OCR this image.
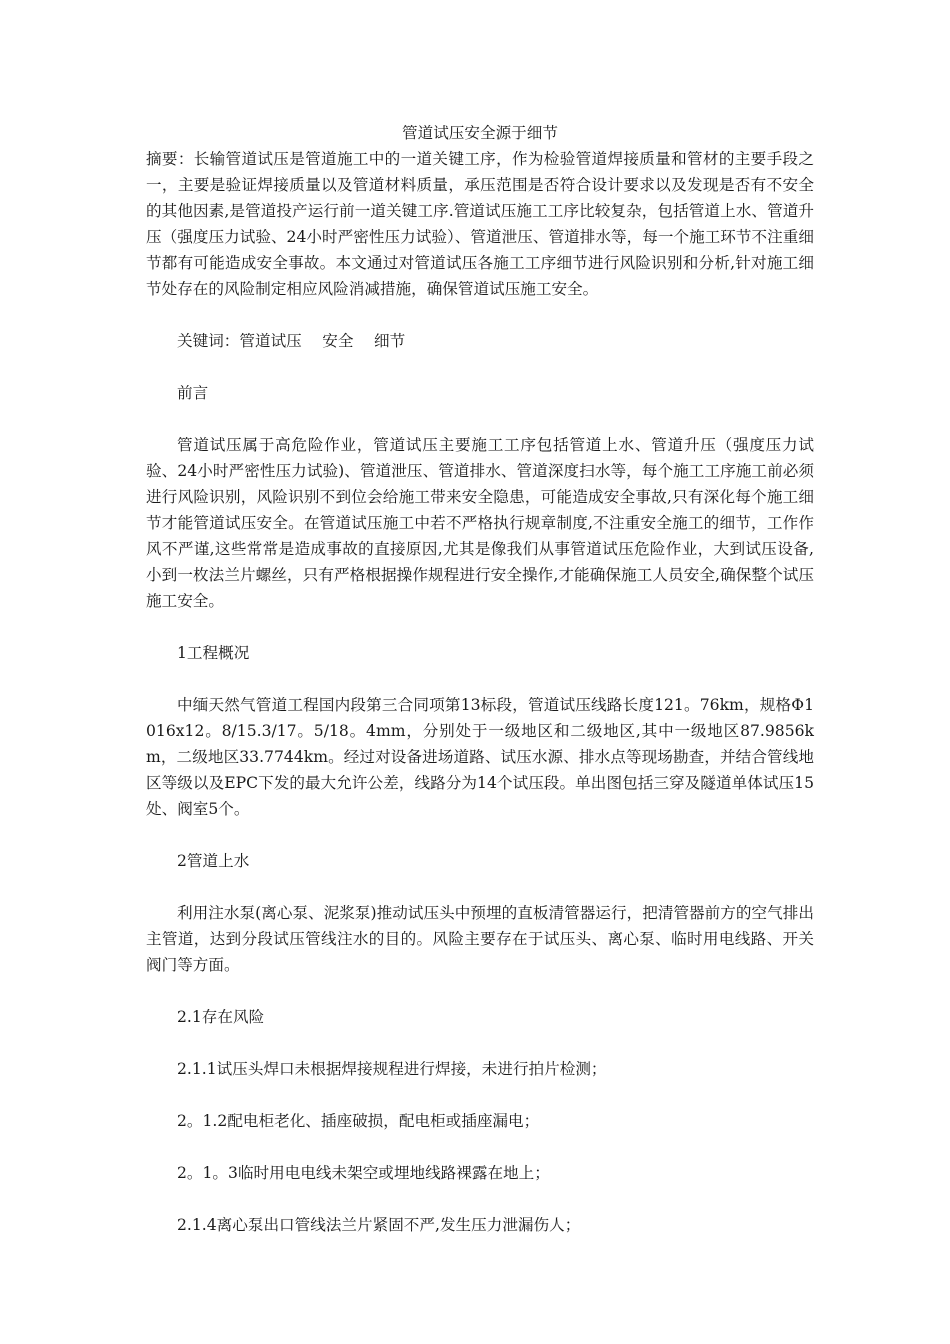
管道试压安全源于细节

摘要：长输管道试压是管道施工中的一道关键工序，作为检验管道焊接质量和管材的主要手段之一，主要是验证焊接质量以及管道材料质量，承压范围是否符合设计要求以及发现是否有不安全的其他因素,是管道投产运行前一道关键工序.管道试压施工工序比较复杂，包括管道上水、管道升压（强度压力试验、24小时严密性压力试验）、管道泄压、管道排水等，每一个施工环节不注重细节都有可能造成安全事故。本文通过对管道试压各施工工序细节进行风险识别和分析,针对施工细节处存在的风险制定相应风险消减措施，确保管道试压施工安全。

关键词：管道试压　 安全　 细节

前言

管道试压属于高危险作业，管道试压主要施工工序包括管道上水、管道升压（强度压力试验、24小时严密性压力试验)、管道泄压、管道排水、管道深度扫水等，每个施工工序施工前必须进行风险识别，风险识别不到位会给施工带来安全隐患，可能造成安全事故,只有深化每个施工细节才能管道试压安全。在管道试压施工中若不严格执行规章制度,不注重安全施工的细节，工作作风不严谨,这些常常是造成事故的直接原因,尤其是像我们从事管道试压危险作业，大到试压设备,小到一枚法兰片螺丝，只有严格根据操作规程进行安全操作,才能确保施工人员安全,确保整个试压施工安全。

1工程概况

中缅天然气管道工程国内段第三合同项第13标段，管道试压线路长度121。76km，规格Φ1016x12。8/15.3/17。5/18。4mm，分别处于一级地区和二级地区,其中一级地区87.9856km，二级地区33.7744km。经过对设备进场道路、试压水源、排水点等现场勘查，并结合管线地区等级以及EPC下发的最大允许公差，线路分为14个试压段。单出图包括三穿及隧道单体试压15处、阀室5个。

2管道上水

利用注水泵(离心泵、泥浆泵)推动试压头中预埋的直板清管器运行，把清管器前方的空气排出主管道，达到分段试压管线注水的目的。风险主要存在于试压头、离心泵、临时用电线路、开关阀门等方面。

2.1存在风险

2.1.1试压头焊口未根据焊接规程进行焊接，未进行拍片检测；

2。1.2配电柜老化、插座破损，配电柜或插座漏电；

2。1。3临时用电电线未架空或埋地线路裸露在地上；

2.1.4离心泵出口管线法兰片紧固不严,发生压力泄漏伤人；
